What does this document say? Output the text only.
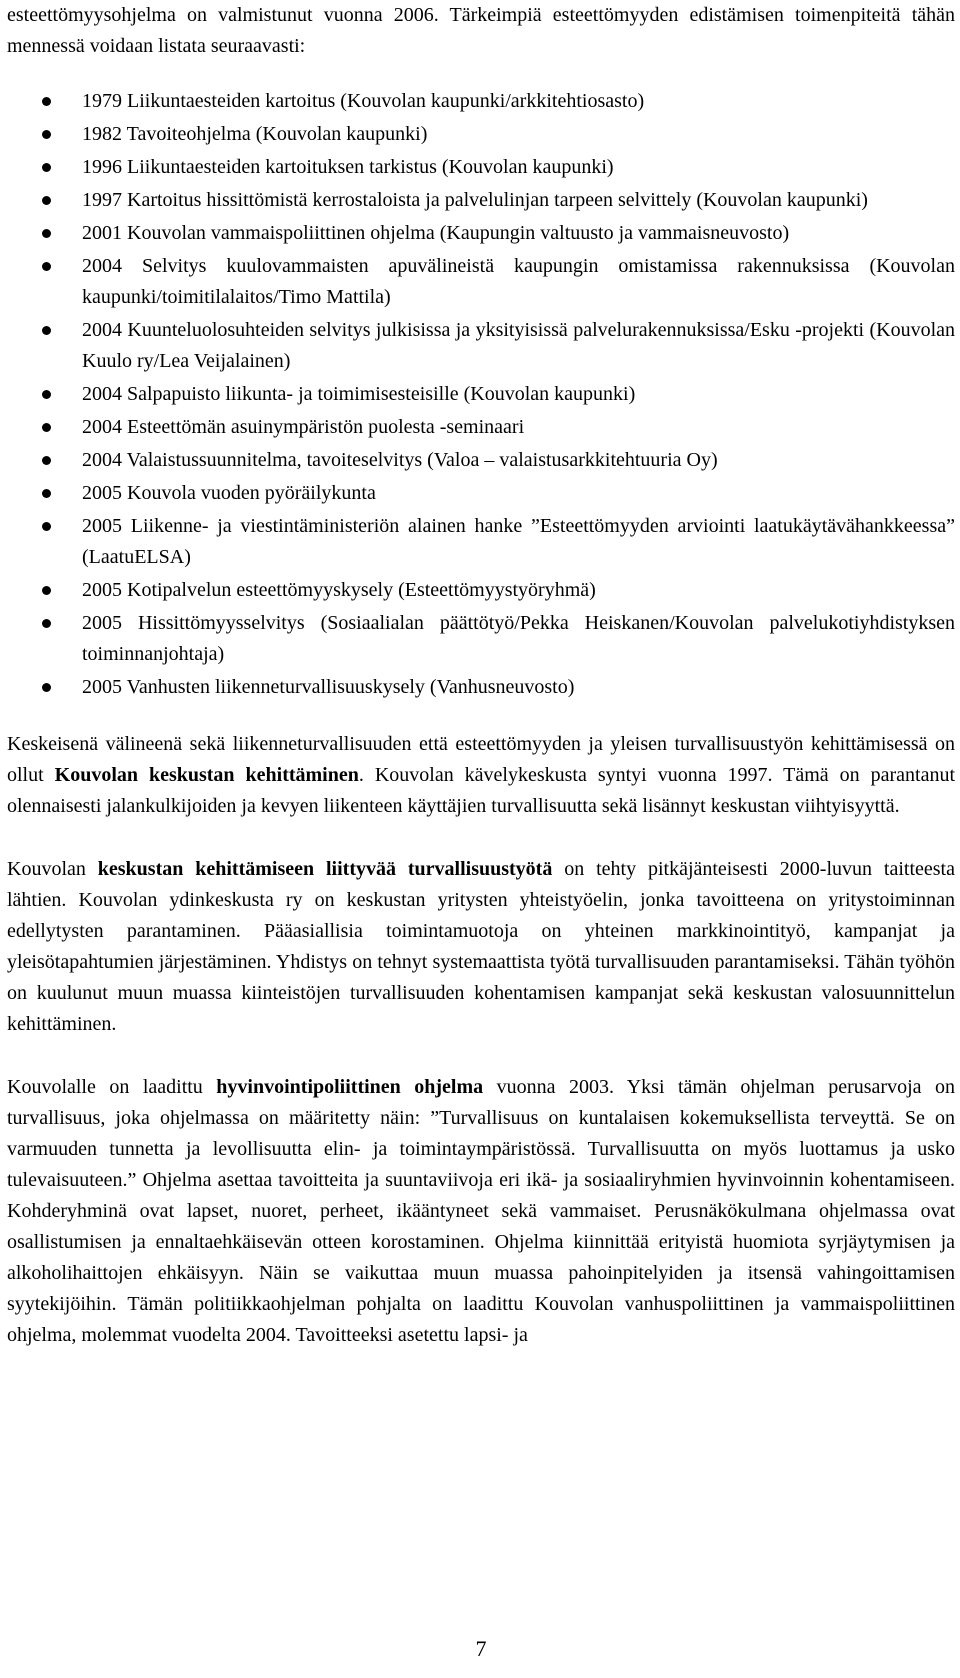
esteettömyysohjelma on valmistunut vuonna 2006. Tärkeimpiä esteettömyyden edistämisen toimenpiteitä tähän mennessä voidaan listata seuraavasti:

1979 Liikuntaesteiden kartoitus (Kouvolan kaupunki/arkkitehtiosasto)
1982 Tavoiteohjelma (Kouvolan kaupunki)
1996 Liikuntaesteiden kartoituksen tarkistus (Kouvolan kaupunki)
1997 Kartoitus hissittömistä kerrostaloista ja palvelulinjan tarpeen selvittely (Kouvolan kaupunki)
2001 Kouvolan vammaispoliittinen ohjelma (Kaupungin valtuusto ja vammaisneuvosto)
2004 Selvitys kuulovammaisten apuvälineistä kaupungin omistamissa rakennuksissa (Kouvolan kaupunki/toimitilalaitos/Timo Mattila)
2004 Kuunteluolosuhteiden selvitys julkisissa ja yksityisissä palvelurakennuksissa/Esku -projekti (Kouvolan Kuulo ry/Lea Veijalainen)
2004 Salpapuisto liikunta- ja toimimisesteisille (Kouvolan kaupunki)
2004 Esteettömän asuinympäristön puolesta -seminaari
2004 Valaistussuunnitelma, tavoiteselvitys (Valoa – valaistusarkkitehtuuria Oy)
2005 Kouvola vuoden pyöräilykunta
2005 Liikenne- ja viestintäministeriön alainen hanke ”Esteettömyyden arviointi laatukäytävähankkeessa” (LaatuELSA)
2005 Kotipalvelun esteettömyyskysely (Esteettömyystyöryhmä)
2005 Hissittömyysselvitys (Sosiaalialan päättötyö/Pekka Heiskanen/Kouvolan palvelukotiyhdistyksen toiminnanjohtaja)
2005 Vanhusten liikenneturvallisuuskysely (Vanhusneuvosto)

Keskeisenä välineenä sekä liikenneturvallisuuden että esteettömyyden ja yleisen turvallisuustyön kehittämisessä on ollut Kouvolan keskustan kehittäminen. Kouvolan kävelykeskusta syntyi vuonna 1997. Tämä on parantanut olennaisesti jalankulkijoiden ja kevyen liikenteen käyttäjien turvallisuutta sekä lisännyt keskustan viihtyisyyttä.

Kouvolan keskustan kehittämiseen liittyvää turvallisuustyötä on tehty pitkäjänteisesti 2000-luvun taitteesta lähtien. Kouvolan ydinkeskusta ry on keskustan yritysten yhteistyöelin, jonka tavoitteena on yritystoiminnan edellytysten parantaminen. Pääasiallisia toimintamuotoja on yhteinen markkinointityö, kampanjat ja yleisötapahtumien järjestäminen. Yhdistys on tehnyt systemaattista työtä turvallisuuden parantamiseksi. Tähän työhön on kuulunut muun muassa kiinteistöjen turvallisuuden kohentamisen kampanjat sekä keskustan valosuunnittelun kehittäminen.

Kouvolalle on laadittu hyvinvointipoliittinen ohjelma vuonna 2003. Yksi tämän ohjelman perusarvoja on turvallisuus, joka ohjelmassa on määritetty näin: ”Turvallisuus on kuntalaisen kokemuksellista terveyttä. Se on varmuuden tunnetta ja levollisuutta elin- ja toimintaympäristössä. Turvallisuutta on myös luottamus ja usko tulevaisuuteen.” Ohjelma asettaa tavoitteita ja suuntaviivoja eri ikä- ja sosiaaliryhmien hyvinvoinnin kohentamiseen. Kohderyhminä ovat lapset, nuoret, perheet, ikääntyneet sekä vammaiset. Perusnäkökulmana ohjelmassa ovat osallistumisen ja ennaltaehkäisevän otteen korostaminen. Ohjelma kiinnittää erityistä huomiota syrjäytymisen ja alkoholihaittojen ehkäisyyn. Näin se vaikuttaa muun muassa pahoinpitelyiden ja itsensä vahingoittamisen syytekijöihin. Tämän politiikkaohjelman pohjalta on laadittu Kouvolan vanhuspoliittinen ja vammaispoliittinen ohjelma, molemmat vuodelta 2004. Tavoitteeksi asetettu lapsi- ja

7
